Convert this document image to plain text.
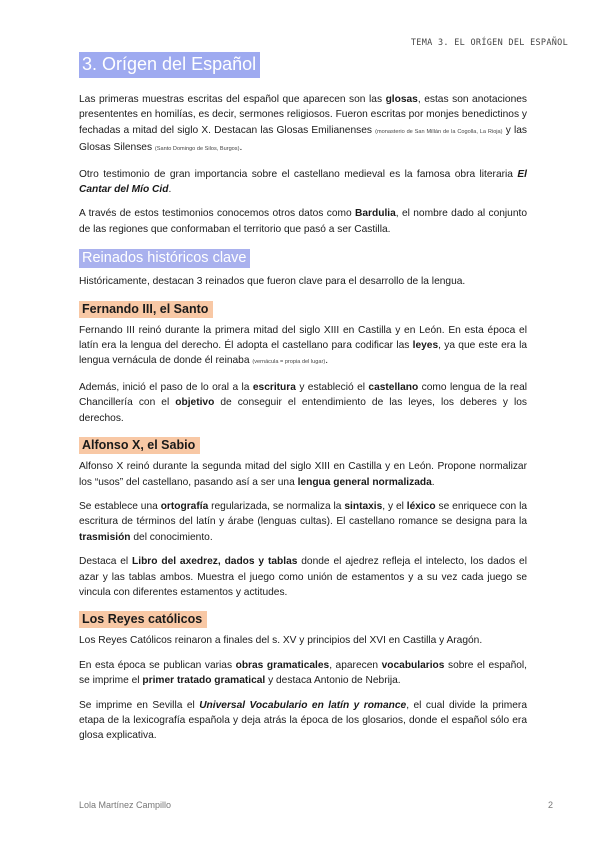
TEMA 3. EL ORÍGEN DEL ESPAÑOL
3. Orígen del Español

Las primeras muestras escritas del español que aparecen son las glosas, estas son anotaciones presententes en homilías, es decir, sermones religiosos. Fueron escritas por monjes benedictinos y fechadas a mitad del siglo X. Destacan las Glosas Emilianenses (monasterio de San Millán de la Cogolla, La Rioja) y las Glosas Silenses (Santo Domingo de Silos, Burgos).

Otro testimonio de gran importancia sobre el castellano medieval es la famosa obra literaria El Cantar del Mío Cid.

A través de estos testimonios conocemos otros datos como Bardulia, el nombre dado al conjunto de las regiones que conformaban el territorio que pasó a ser Castilla.

Reinados históricos clave

Históricamente, destacan 3 reinados que fueron clave para el desarrollo de la lengua.

Fernando III, el Santo

Fernando III reinó durante la primera mitad del siglo XIII en Castilla y en León. En esta época el latín era la lengua del derecho. Él adopta el castellano para codificar las leyes, ya que este era la lengua vernácula de donde él reinaba (vernácula = propia del lugar).

Además, inició el paso de lo oral a la escritura y estableció el castellano como lengua de la real Chancillería con el objetivo de conseguir el entendimiento de las leyes, los deberes y los derechos.

Alfonso X, el Sabio

Alfonso X reinó durante la segunda mitad del siglo XIII en Castilla y en León. Propone normalizar los “usos” del castellano, pasando así a ser una lengua general normalizada.

Se establece una ortografía regularizada, se normaliza la sintaxis, y el léxico se enriquece con la escritura de términos del latín y árabe (lenguas cultas). El castellano romance se designa para la trasmisión del conocimiento.

Destaca el Libro del axedrez, dados y tablas donde el ajedrez refleja el intelecto, los dados el azar y las tablas ambos. Muestra el juego como unión de estamentos y a su vez cada juego se vincula con diferentes estamentos y actitudes.

Los Reyes católicos

Los Reyes Católicos reinaron a finales del s. XV y principios del XVI en Castilla y Aragón.

En esta época se publican varias obras gramaticales, aparecen vocabularios sobre el español, se imprime el primer tratado gramatical y destaca Antonio de Nebrija.

Se imprime en Sevilla el Universal Vocabulario en latín y romance, el cual divide la primera etapa de la lexicografía española y deja atrás la época de los glosarios, donde el español sólo era glosa explicativa.

Lola Martínez Campillo	2
